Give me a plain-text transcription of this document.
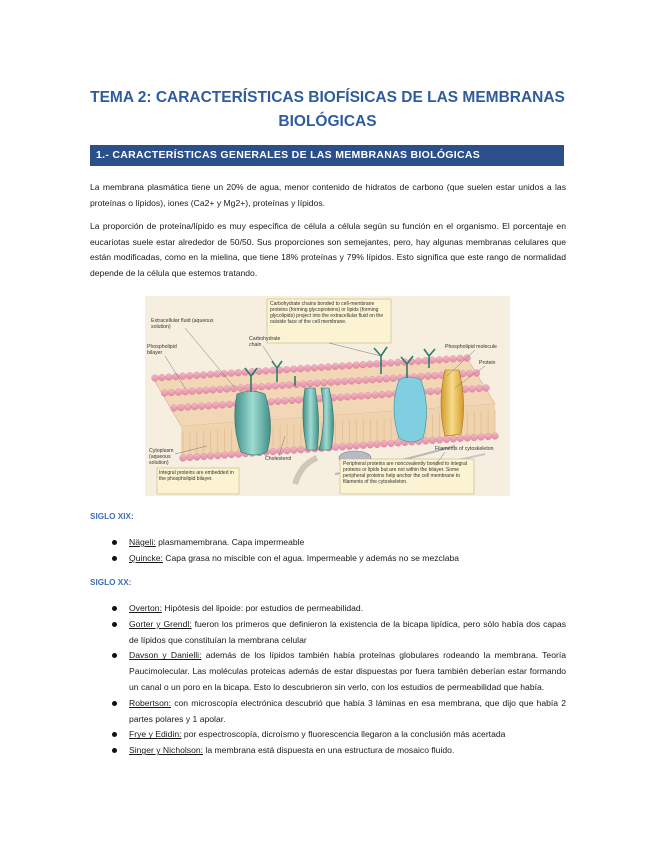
TEMA 2: CARACTERÍSTICAS BIOFÍSICAS DE LAS MEMBRANAS BIOLÓGICAS
1.- CARACTERÍSTICAS GENERALES DE LAS MEMBRANAS BIOLÓGICAS

La membrana plasmática tiene un 20% de agua, menor contenido de hidratos de carbono (que suelen estar unidos a las proteínas o lípidos), iones (Ca2+ y Mg2+), proteínas y lípidos.

La proporción de proteína/lípido es muy específica de célula a célula según su función en el organismo. El porcentaje en eucariotas suele estar alrededor de 50/50. Sus proporciones son semejantes, pero, hay algunas membranas celulares que están modificadas, como en la mielina, que tiene 18% proteínas y 79% lípidos. Esto significa que este rango de normalidad depende de la célula que estemos tratando.

Extracellular fluid (aqueous solution)
Carbohydrate chain
Phospholipid bilayer
Carbohydrate chains bonded to cell-membrane proteins (forming glycoproteins) or lipids (forming glycolipids) project into the extracellular fluid on the outside face of the cell membrane.
Phospholipid molecule
Protein
Cytoplasm (aqueous solution)
Cholesterol
Filaments of cytoskeleton
Integral proteins are embedded in the phospholipid bilayer.
Peripheral proteins are noncovalently bonded to integral proteins or lipids but are not within the bilayer. Some peripheral proteins help anchor the cell membrane to filaments of the cytoskeleton.

SIGLO XIX:

Nägeli: plasmamembrana. Capa impermeable
Quincke: Capa grasa no miscible con el agua. Impermeable y además no se mezclaba

SIGLO XX:

Overton: Hipótesis del lipoide: por estudios de permeabilidad.
Gorter y Grendl: fueron los primeros que definieron la existencia de la bicapa lipídica, pero sólo había dos capas de lípidos que constituían la membrana celular
Davson y Danielli: además de los lípidos también había proteínas globulares rodeando la membrana. Teoría Paucimolecular. Las moléculas proteicas además de estar dispuestas por fuera también deberían estar formando un canal o un poro en la bicapa. Esto lo descubrieron sin verlo, con los estudios de permeabilidad que había.
Robertson: con microscopía electrónica descubrió que había 3 láminas en esa membrana, que dijo que había 2 partes polares y 1 apolar.
Frye y Edidin: por espectroscopía, dicroísmo y fluorescencia llegaron a la conclusión más acertada
Singer y Nicholson: la membrana está dispuesta en una estructura de mosaico fluido.
